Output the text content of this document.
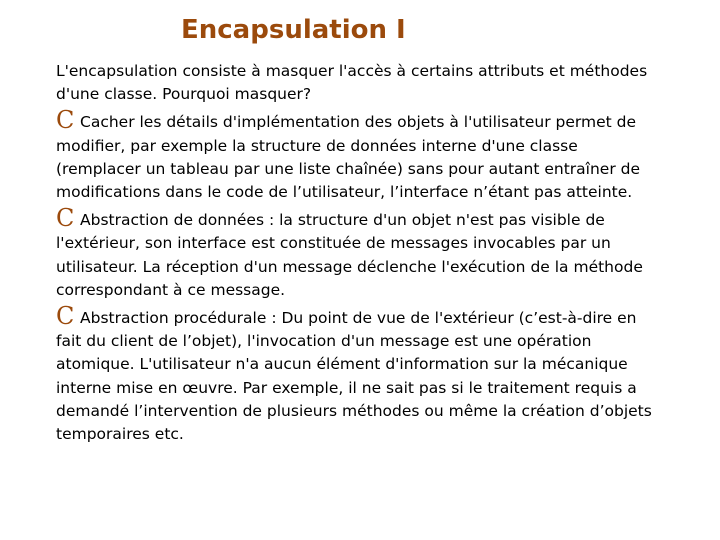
Encapsulation I

L'encapsulation consiste à masquer l'accès à certains attributs et méthodes d'une classe. Pourquoi masquer?

C Cacher les détails d'implémentation des objets à l'utilisateur permet de modifier, par exemple la structure de données interne d'une classe (remplacer un tableau par une liste chaînée) sans pour autant entraîner de modifications dans le code de l’utilisateur, l’interface n’étant pas atteinte.

C Abstraction de données : la structure d'un objet n'est pas visible de l'extérieur, son interface est constituée de messages invocables par un utilisateur. La réception d'un message déclenche l'exécution de la méthode correspondant à ce message.

C Abstraction procédurale : Du point de vue de l'extérieur (c’est-à-dire en fait du client de l’objet), l'invocation d'un message est une opération atomique. L'utilisateur n'a aucun élément d'information sur la mécanique interne mise en œuvre. Par exemple, il ne sait pas si le traitement requis a demandé l’intervention de plusieurs méthodes ou même la création d’objets temporaires etc.
